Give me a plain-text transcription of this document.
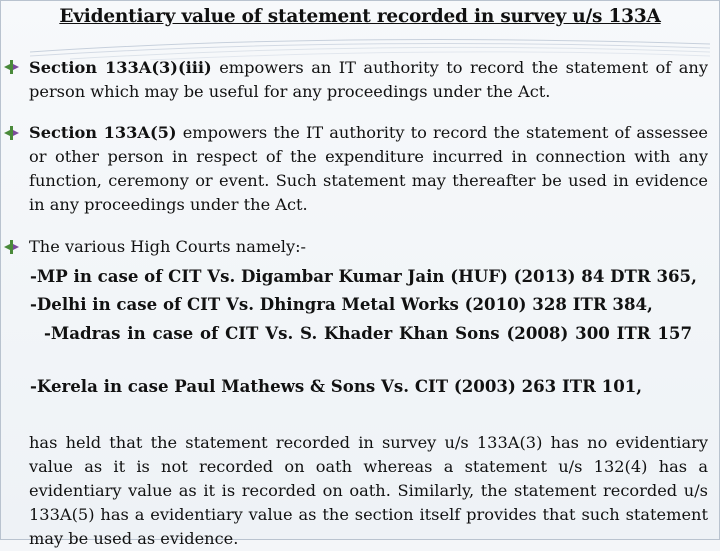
Evidentiary value of statement recorded in survey u/s 133A
Section 133A(3)(iii) empowers an IT authority to record the statement of any person which may be useful for any proceedings under the Act.
Section 133A(5) empowers the IT authority to record the statement of assessee or other person in respect of the expenditure incurred in connection with any function, ceremony or event. Such statement may thereafter be used in evidence in any proceedings under the Act.
The various High Courts namely:-
-MP in case of CIT Vs. Digambar Kumar Jain (HUF) (2013) 84 DTR 365,
-Delhi in case of CIT Vs. Dhingra Metal Works (2010) 328 ITR 384,
-Madras in case of CIT Vs. S. Khader Khan Sons (2008) 300 ITR 157
-Kerela in case Paul Mathews & Sons Vs. CIT (2003) 263 ITR 101,
has held that the statement recorded in survey u/s 133A(3) has no evidentiary value as it is not recorded on oath whereas a statement u/s 132(4) has a evidentiary value as it is recorded on oath. Similarly, the statement recorded u/s 133A(5) has a evidentiary value as the section itself provides that such statement may be used as evidence.
